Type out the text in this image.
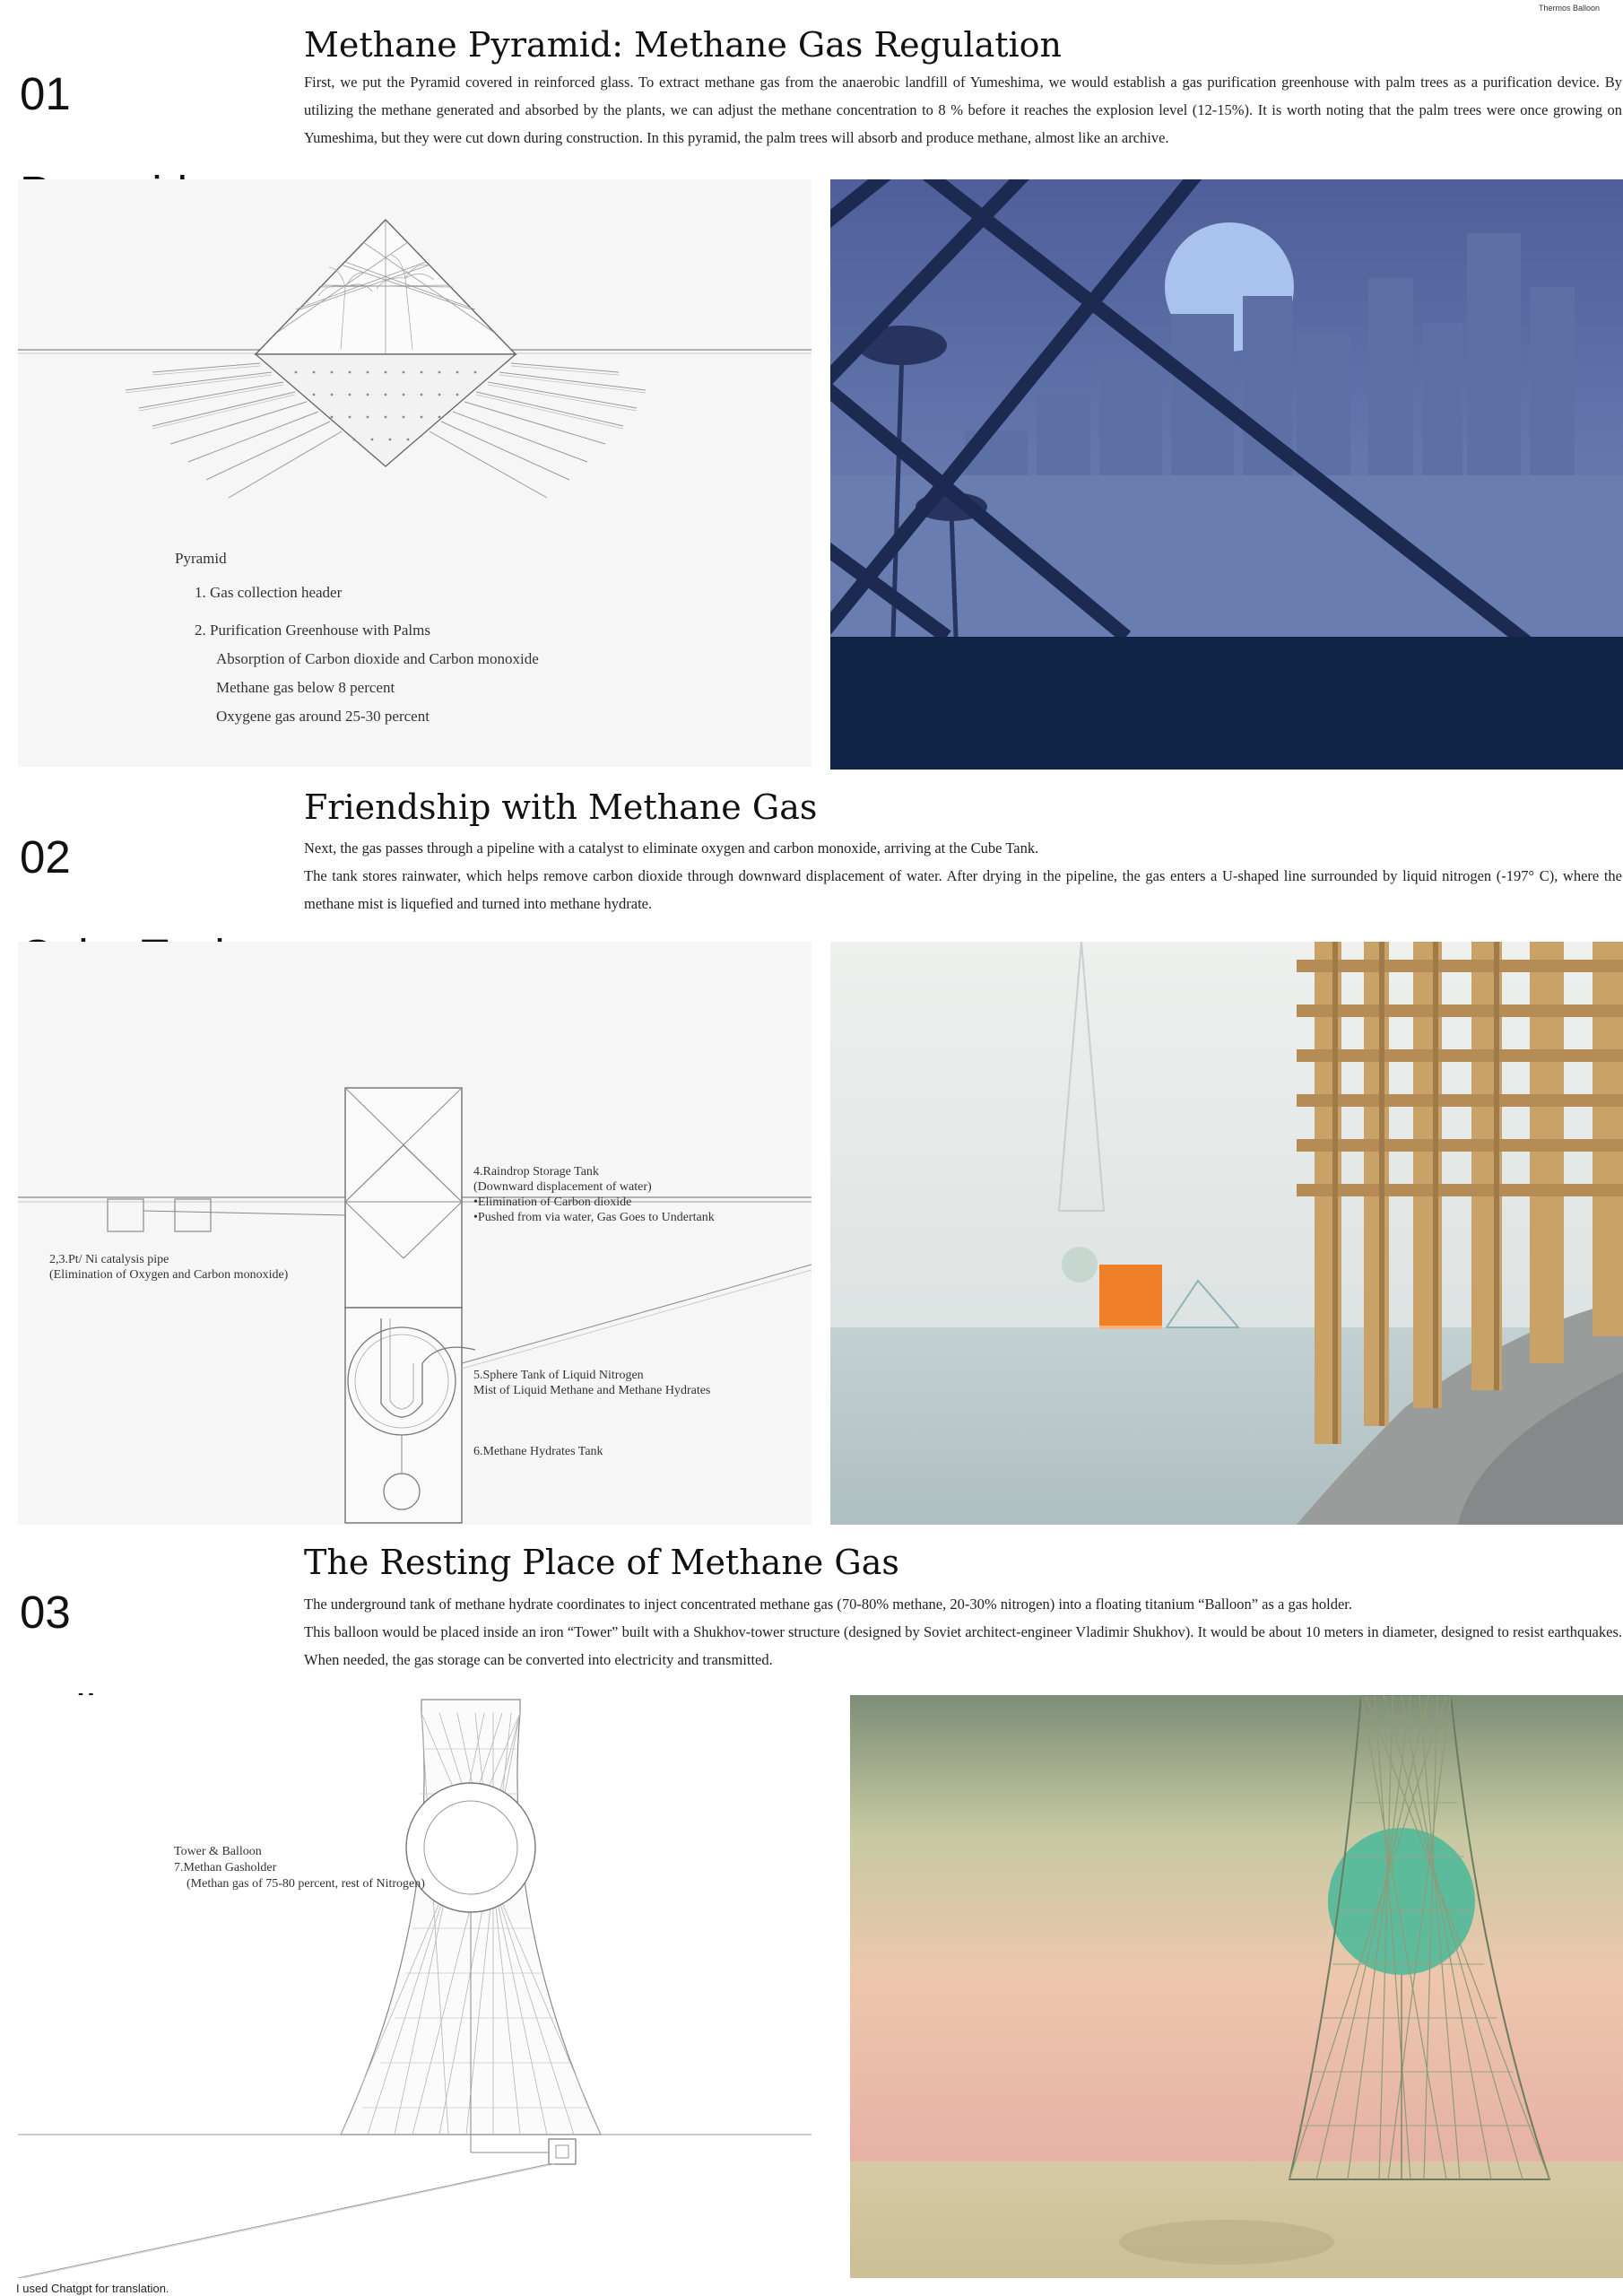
Thermos Balloon

01

Methane Pyramid: Methane Gas Regulation

First, we put the Pyramid covered in reinforced glass. To extract methane gas from the anaerobic landfill of Yumeshima, we would establish a gas purification greenhouse with palm trees as a purification device. By utilizing the methane generated and absorbed by the plants, we can adjust the methane concentration to 8 % before it reaches the explosion level (12-15%). It is worth noting that the palm trees were once growing on Yumeshima, but they were cut down during construction. In this pyramid, the palm trees will absorb and produce methane, almost like an archive.

Pyramid
1. Gas collection header
2. Purification Greenhouse with Palms
Absorption of Carbon dioxide and Carbon monoxide
Methane gas below 8 percent
Oxygene gas around 25-30 percent

02

Friendship with Methane Gas

Next, the gas passes through a pipeline with a catalyst to eliminate oxygen and carbon monoxide, arriving at the Cube Tank.

The tank stores rainwater, which helps remove carbon dioxide through downward displacement of water. After drying in the pipeline, the gas enters a U-shaped line surrounded by liquid nitrogen (-197° C), where the methane mist is liquefied and turned into methane hydrate.

4.Raindrop Storage Tank
(Downward displacement of water)
•Elimination of Carbon dioxide
•Pushed from via water, Gas Goes to Undertank
2,3.Pt/ Ni catalysis pipe
(Elimination of Oxygen and Carbon monoxide)
5.Sphere Tank of Liquid Nitrogen
Mist of Liquid Methane and Methane Hydrates
6.Methane Hydrates Tank

03

The Resting Place of Methane Gas

The underground tank of methane hydrate coordinates to inject concentrated methane gas (70-80% methane, 20-30% nitrogen) into a floating titanium “Balloon” as a gas holder.

This balloon would be placed inside an iron “Tower” built with a Shukhov-tower structure (designed by Soviet architect-engineer Vladimir Shukhov). It would be about 10 meters in diameter, designed to resist earthquakes. When needed, the gas storage can be converted into electricity and transmitted.

Tower & Balloon
7.Methan Gasholder
(Methan gas of 75-80 percent, rest of Nitrogen)
I used Chatgpt for translation.
